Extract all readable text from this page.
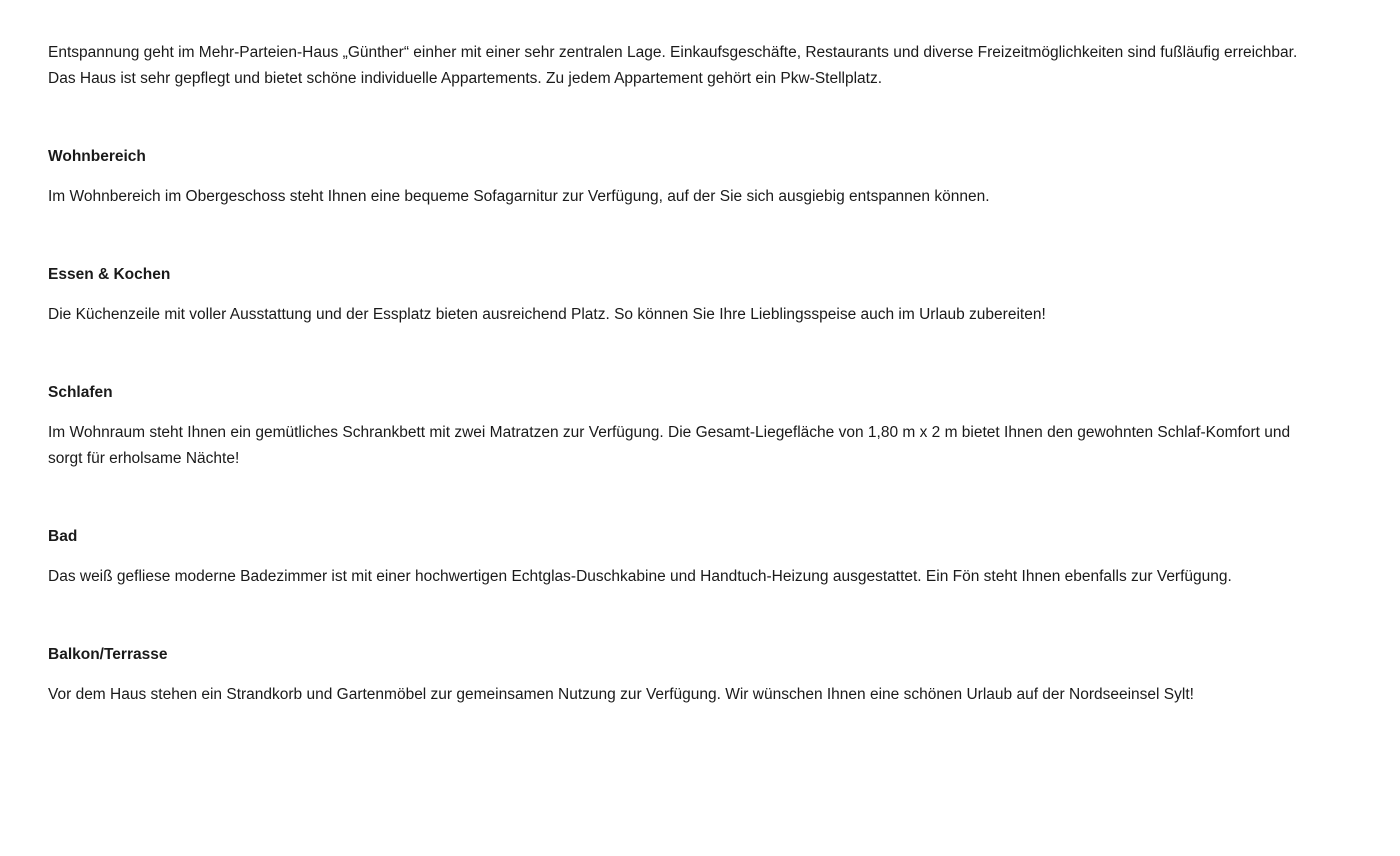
Entspannung geht im Mehr-Parteien-Haus „Günther“ einher mit einer sehr zentralen Lage. Einkaufsgeschäfte, Restaurants und diverse Freizeitmöglichkeiten sind fußläufig erreichbar. Das Haus ist sehr gepflegt und bietet schöne individuelle Appartements. Zu jedem Appartement gehört ein Pkw-Stellplatz.

Wohnbereich

Im Wohnbereich im Obergeschoss steht Ihnen eine bequeme Sofagarnitur zur Verfügung, auf der Sie sich ausgiebig entspannen können.

Essen & Kochen

Die Küchenzeile mit voller Ausstattung und der Essplatz bieten ausreichend Platz. So können Sie Ihre Lieblingsspeise auch im Urlaub zubereiten!

Schlafen

Im Wohnraum steht Ihnen ein gemütliches Schrankbett mit zwei Matratzen zur Verfügung. Die Gesamt-Liegefläche von 1,80 m x 2 m bietet Ihnen den gewohnten Schlaf-Komfort und sorgt für erholsame Nächte!

Bad

Das weiß gefliese moderne Badezimmer ist mit einer hochwertigen Echtglas-Duschkabine und Handtuch-Heizung ausgestattet. Ein Fön steht Ihnen ebenfalls zur Verfügung.

Balkon/Terrasse

Vor dem Haus stehen ein Strandkorb und Gartenmöbel zur gemeinsamen Nutzung zur Verfügung. Wir wünschen Ihnen eine schönen Urlaub auf der Nordseeinsel Sylt!
